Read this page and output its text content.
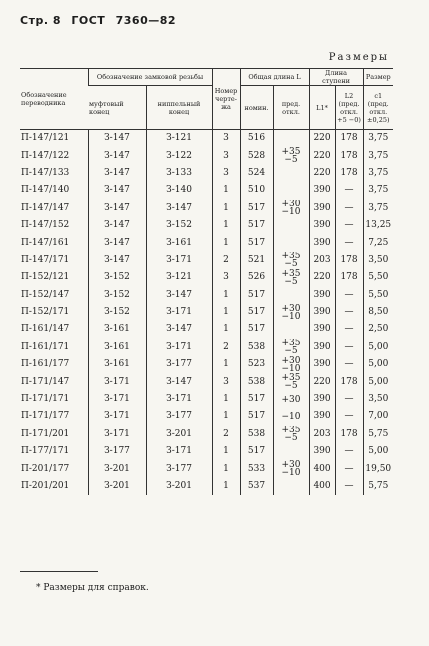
Стр. 8 ГОСТ 7360—82
Размеры
Обозначение переводника	Обозначение замковой резьбы		Номер черте-жа	Общая длина L		Длина ступени		Размер
	муфтовый конец	ниппельный конец		номин.	пред. откл.	L1*	L2 (пред. откл. +5 −0)	c1 (пред. откл. ±0,25)
П-147/121	З-147	З-121	3	516		220	178	3,75
П-147/122	З-147	З-122	3	528	+35
−5	220	178	3,75
П-147/133	З-147	З-133	3	524		220	178	3,75
П-147/140	З-147	З-140	1	510		390	—	3,75
П-147/147	З-147	З-147	1	517	+30
−10	390	—	3,75
П-147/152	З-147	З-152	1	517		390	—	13,25
П-147/161	З-147	З-161	1	517		390	—	7,25
П-147/171	З-147	З-171	2	521	+35
−5	203	178	3,50
П-152/121	З-152	З-121	3	526	+35
−5	220	178	5,50
П-152/147	З-152	З-147	1	517		390	—	5,50
П-152/171	З-152	З-171	1	517	+30
−10	390	—	8,50
П-161/147	З-161	З-147	1	517		390	—	2,50
П-161/171	З-161	З-171	2	538	+35
−5	390	—	5,00
П-161/177	З-161	З-177	1	523	+30
−10	390	—	5,00
П-171/147	З-171	З-147	3	538	+35
−5	220	178	5,00
П-171/171	З-171	З-171	1	517	+30	390	—	3,50
П-171/177	З-171	З-177	1	517	−10	390	—	7,00
П-171/201	З-171	З-201	2	538	+35
−5	203	178	5,75
П-177/171	З-177	З-171	1	517		390	—	5,00
П-201/177	З-201	З-177	1	533	+30
−10	400	—	19,50
П-201/201	З-201	З-201	1	537		400	—	5,75
* Размеры для справок.
